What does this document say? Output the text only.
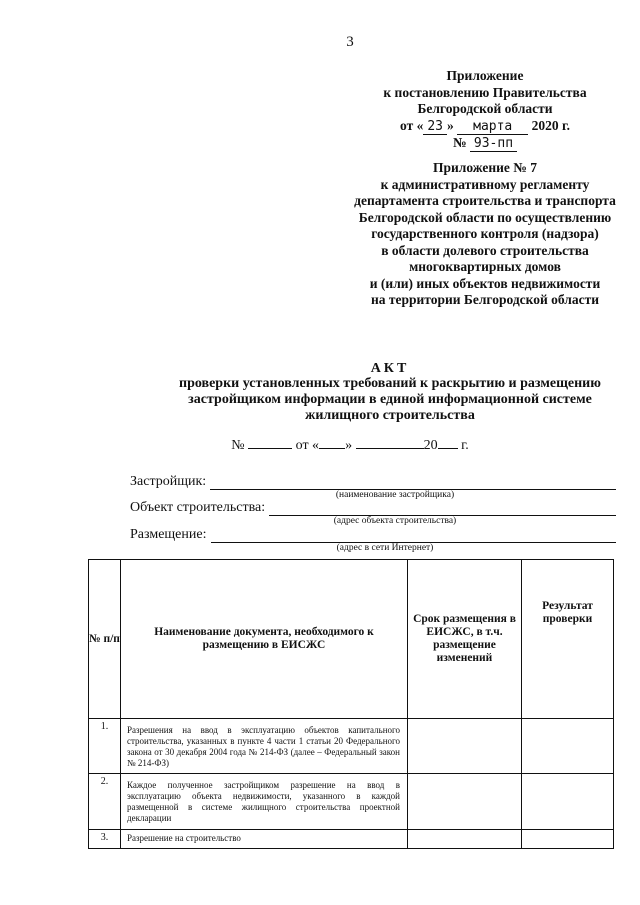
3
Приложение
к постановлению Правительства
Белгородской области
от « 23 » марта 2020 г.
№ 93-пп
Приложение № 7
к административному регламенту
департамента строительства и транспорта
Белгородской области по осуществлению
государственного контроля (надзора)
в области долевого строительства
многоквартирных домов
и (или) иных объектов недвижимости
на территории Белгородской области
АКТ
проверки установленных требований к раскрытию и размещению
застройщиком информации в единой информационной системе
жилищного строительства
№	от « »	20 г.
Застройщик:
(наименование застройщика)
Объект строительства:
(адрес объекта строительства)
Размещение:
(адрес в сети Интернет)
№ п/п	Наименование документа, необходимого к размещению в ЕИСЖС	Срок размещения в ЕИСЖС, в т.ч. размещение изменений	Результат проверки
1.	Разрешения на ввод в эксплуатацию объектов капитального строительства, указанных в пункте 4 части 1 статьи 20 Федерального закона от 30 декабря 2004 года № 214-ФЗ (далее – Федеральный закон № 214-ФЗ)		
2.	Каждое полученное застройщиком разрешение на ввод в эксплуатацию объекта недвижимости, указанного в каждой размещенной в системе жилищного строительства проектной декларации		
3.	Разрешение на строительство		
